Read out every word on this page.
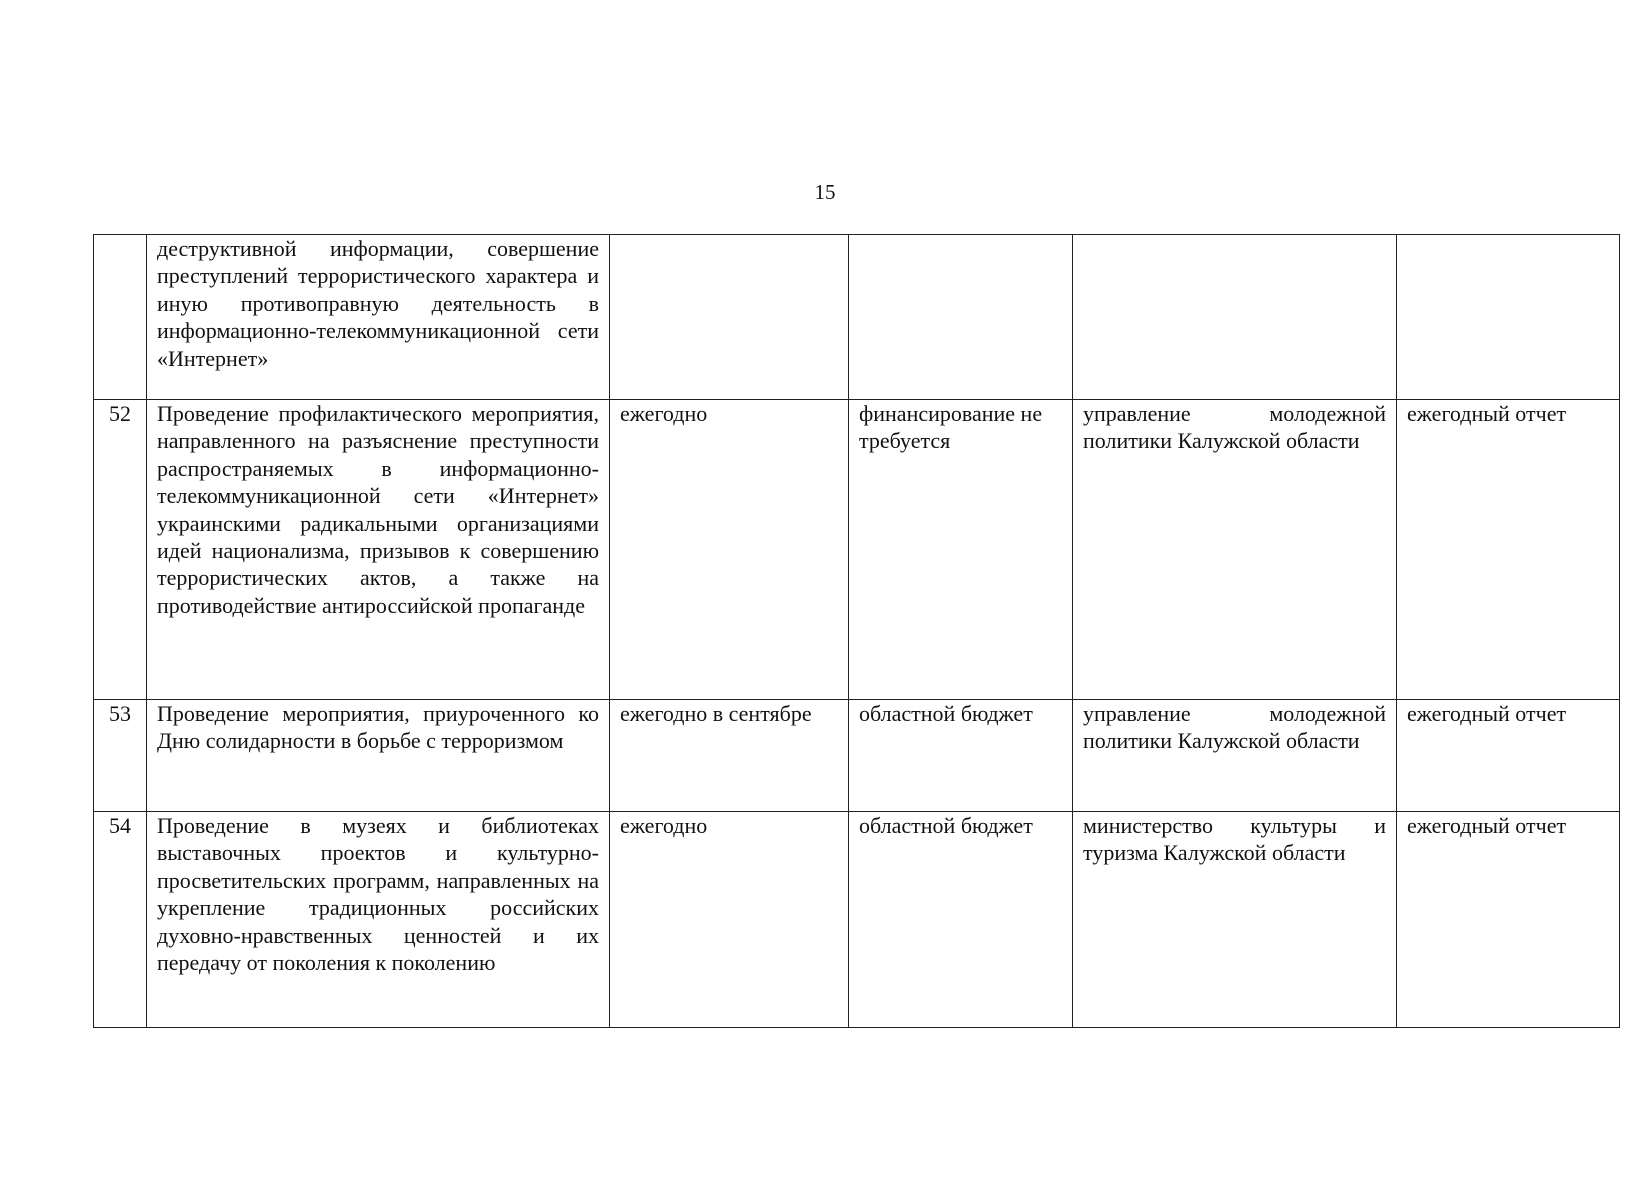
15
	деструктивной информации, совершение преступлений террористического характера и иную противоправную деятельность в информационно-телекоммуникационной сети «Интернет»				
52	Проведение профилактического мероприятия, направленного на разъяснение преступности распространяемых в информационно-телекоммуникационной сети «Интернет» украинскими радикальными организациями идей национализма, призывов к совершению террористических актов, а также на противодействие антироссийской пропаганде	ежегодно	финансирование не требуется	управление молодежной политики Калужской области	ежегодный отчет
53	Проведение мероприятия, приуроченного ко Дню солидарности в борьбе с терроризмом	ежегодно в сентябре	областной бюджет	управление молодежной политики Калужской области	ежегодный отчет
54	Проведение в музеях и библиотеках выставочных проектов и культурно-просветительских программ, направленных на укрепление традиционных российских духовно-нравственных ценностей и их передачу от поколения к поколению	ежегодно	областной бюджет	министерство культуры и туризма Калужской области	ежегодный отчет
